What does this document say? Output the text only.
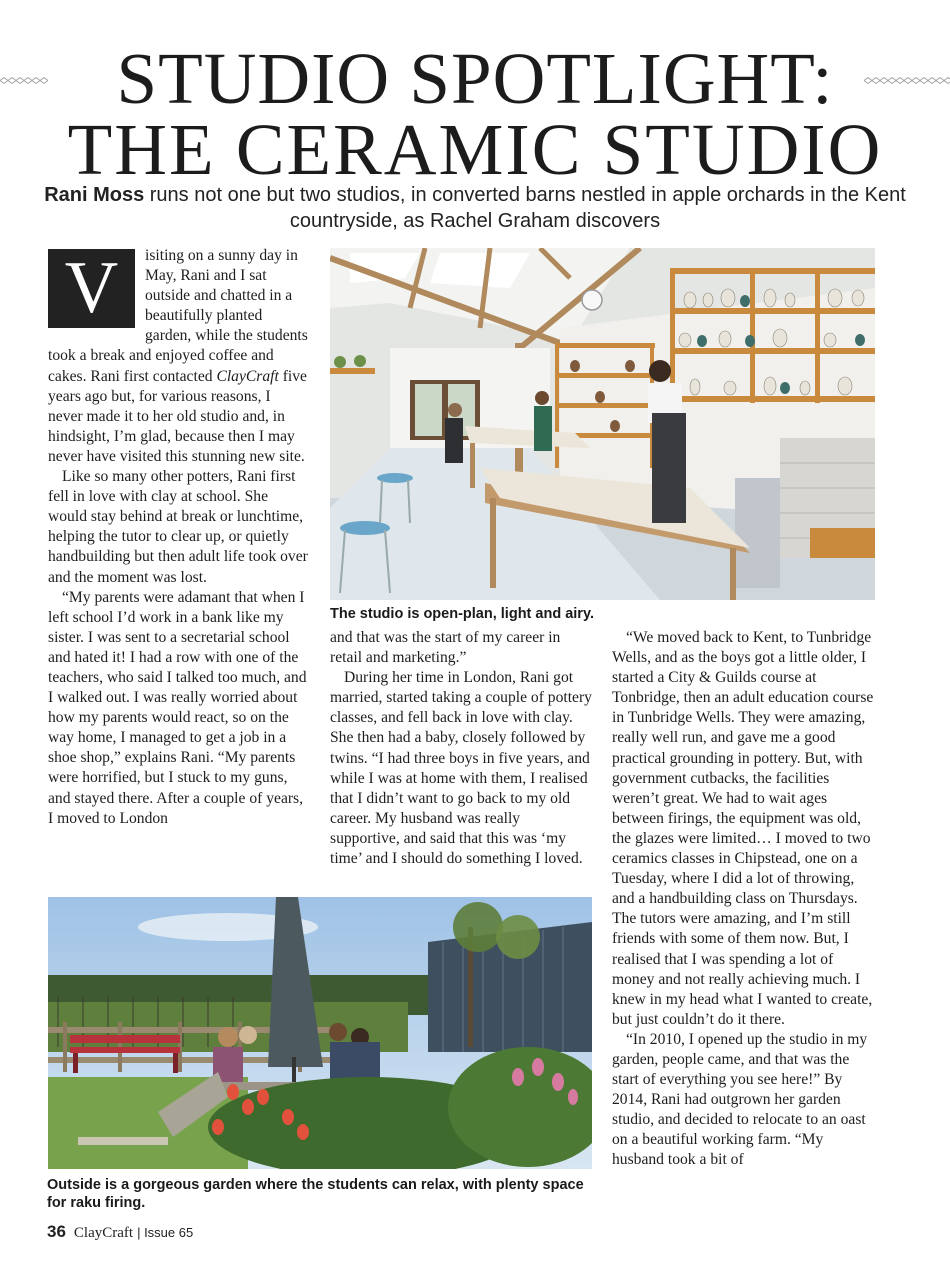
STUDIO SPOTLIGHT:
THE CERAMIC STUDIO

Rani Moss runs not one but two studios, in converted barns nestled in apple orchards in the Kent countryside, as Rachel Graham discovers

V	isiting on a sunny day in May, Rani and I sat outside and chatted in a beautifully planted garden, while the students took a break and enjoyed coffee and cakes. Rani first contacted ClayCraft five years ago but, for various reasons, I never made it to her old studio and, in hindsight, I’m glad, because then I may never have visited this stunning new site.

Like so many other potters, Rani first fell in love with clay at school. She would stay behind at break or lunchtime, helping the tutor to clear up, or quietly handbuilding but then adult life took over and the moment was lost.

“My parents were adamant that when I left school I’d work in a bank like my sister. I was sent to a secretarial school and hated it! I had a row with one of the teachers, who said I talked too much, and I walked out. I was really worried about how my parents would react, so on the way home, I managed to get a job in a shoe shop,” explains Rani. “My parents were horrified, but I stuck to my guns, and stayed there. After a couple of years, I moved to London

and that was the start of my career in retail and marketing.”

During her time in London, Rani got married, started taking a couple of pottery classes, and fell back in love with clay. She then had a baby, closely followed by twins. “I had three boys in five years, and while I was at home with them, I realised that I didn’t want to go back to my old career. My husband was really supportive, and said that this was ‘my time’ and I should do something I loved.

“We moved back to Kent, to Tunbridge Wells, and as the boys got a little older, I started a City & Guilds course at Tonbridge, then an adult education course in Tunbridge Wells. They were amazing, really well run, and gave me a good practical grounding in pottery. But, with government cutbacks, the facilities weren’t great. We had to wait ages between firings, the equipment was old, the glazes were limited… I moved to two ceramics classes in Chipstead, one on a Tuesday, where I did a lot of throwing, and a handbuilding class on Thursdays. The tutors were amazing, and I’m still friends with some of them now. But, I realised that I was spending a lot of money and not really achieving much. I knew in my head what I wanted to create, but just couldn’t do it there.

“In 2010, I opened up the studio in my garden, people came, and that was the start of everything you see here!” By 2014, Rani had outgrown her garden studio, and decided to relocate to an oast on a beautiful working farm. “My husband took a bit of

The studio is open-plan, light and airy.
Outside is a gorgeous garden where the students can relax, with plenty space for raku firing.
36 ClayCraft | Issue 65
